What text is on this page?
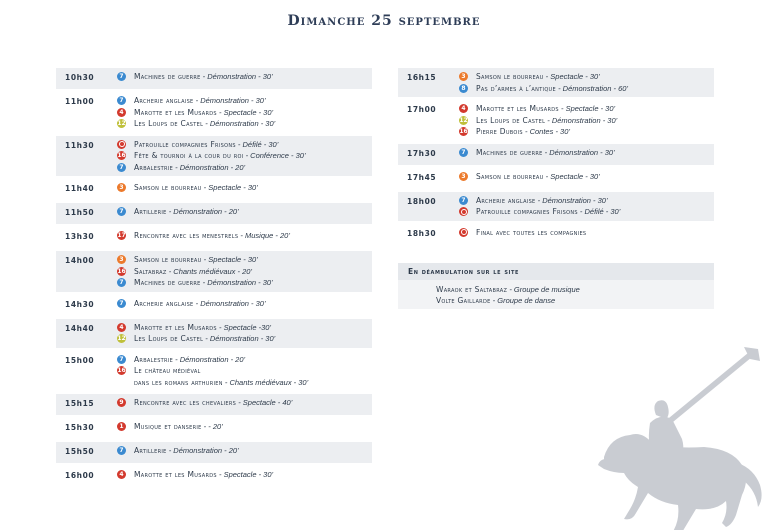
Dimanche 25 septembre
10h30	7	Machines de guerre - Démonstration - 30’
11h00	7	Archerie anglaise - Démonstration - 30’
4	Marotte et les Musards - Spectacle - 30’
12 Les Loups de Castel - Démonstration - 30’
11h30	Patrouille compagnies Frisons - Défilé - 30’
16 Fête & tournoi à la cour du roi - Conférence - 30’
7	Arbalestrie - Démonstration - 20’
11h40	3	Samson le bourreau - Spectacle - 30’
11h50	7	Artillerie - Démonstration - 20’
13h30	17 Rencontre avec les menestrels - Musique - 20’
14h00	3	Samson le bourreau - Spectacle - 30’
16 Saltabraz - Chants médiévaux - 20’
7	Machines de guerre - Démonstration - 30’
14h30	7	Archerie anglaise - Démonstration - 30’
14h40	4	Marotte et les Musards - Spectacle -30’
12 Les Loups de Castel - Démonstration - 30’
15h00	7	Arbalestrie - Démonstration - 20’
16 Le château médiéval
dans les romans arthurien - Chants médiévaux - 30’
15h15	9	Rencontre avec les chevaliers - Spectacle - 40’
15h30	1	Musique et danserie - - 20’
15h50	7	Artillerie - Démonstration - 20’
16h00	4	Marotte et les Musards - Spectacle - 30’
16h15	3	Samson le bourreau - Spectacle - 30’
8	Pas d’armes à l’antique - Démonstration - 60’
17h00	4	Marotte et les Musards - Spectacle - 30’
12 Les Loups de Castel - Démonstration - 30’
16 Pierre Dubois - Contes - 30’
17h30	7	Machines de guerre - Démonstration - 30’
17h45	3	Samson le bourreau - Spectacle - 30’
18h00	7	Archerie anglaise - Démonstration - 30’
Patrouille compagnies Frisons - Défilé - 30’
18h30	Final avec toutes les compagnies
En déambulation sur le site
Waraok et Saltabraz - Groupe de musique
Volte Gaillarde - Groupe de danse
